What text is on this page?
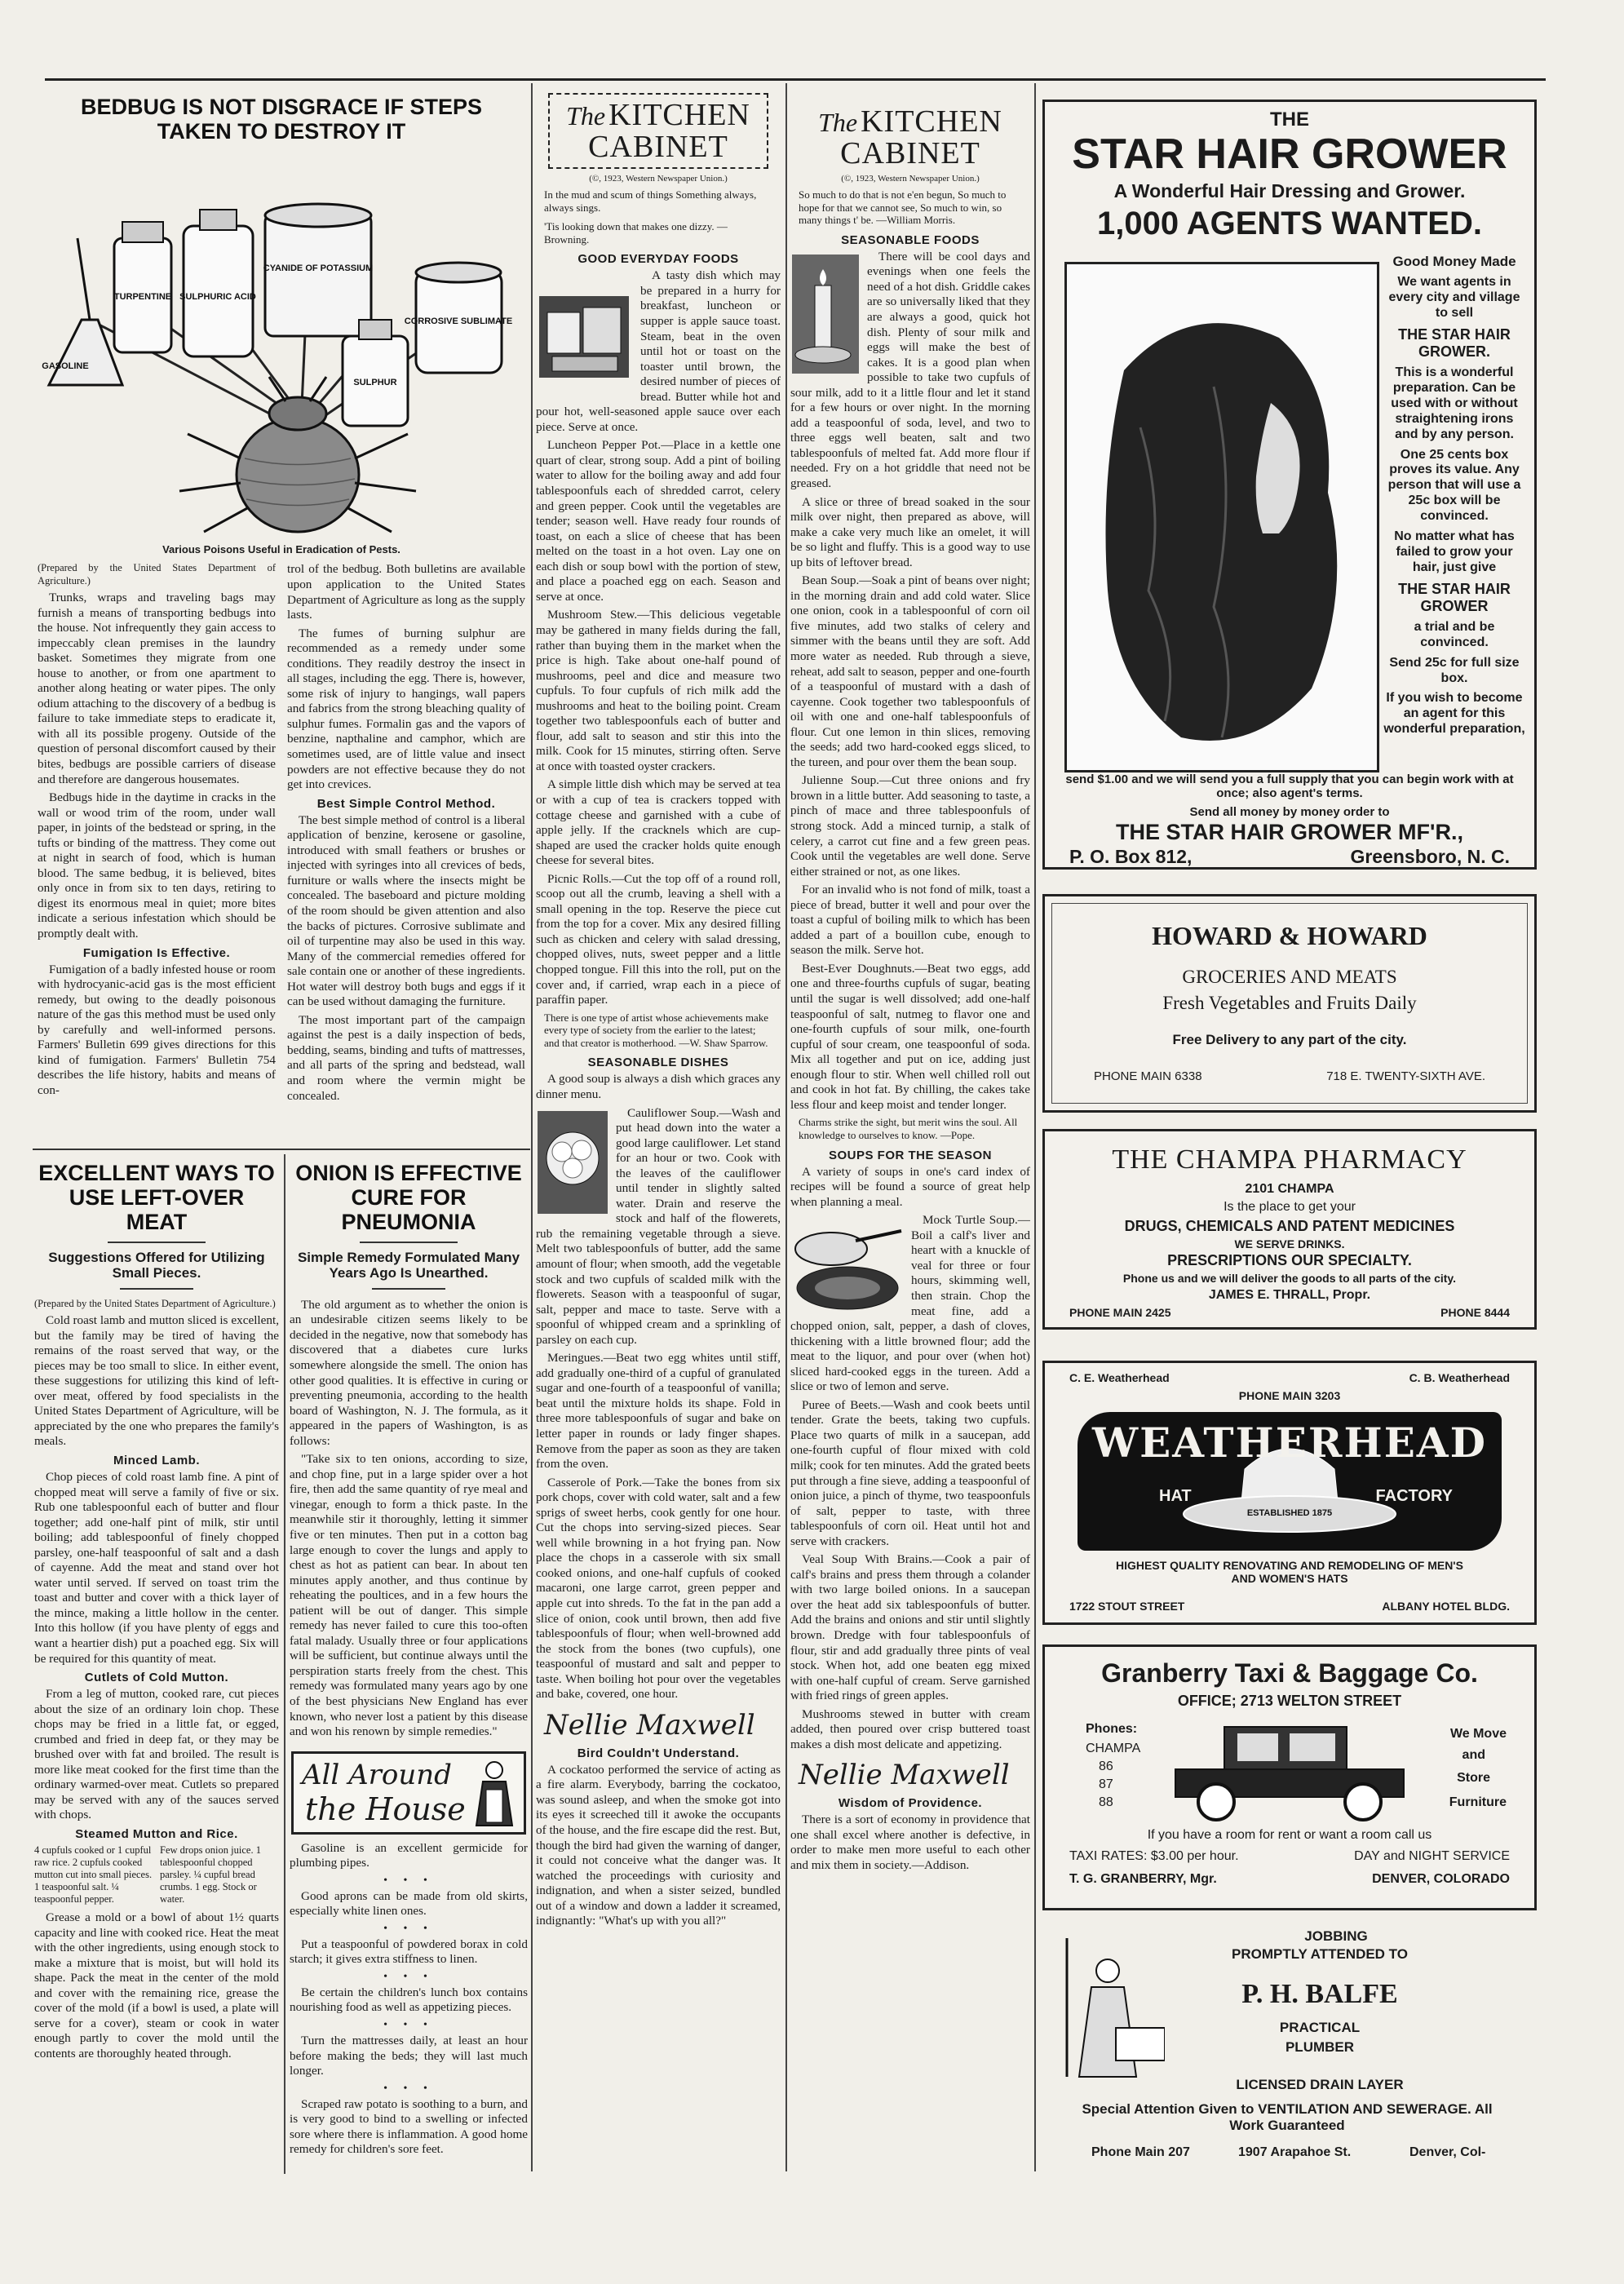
BEDBUG IS NOT DISGRACE IF STEPS TAKEN TO DESTROY IT
GASOLINE
TURPENTINE SULPHURIC ACID
CYANIDE OF POTASSIUM
CORROSIVE SUBLIMATE
SULPHUR
Various Poisons Useful in Eradication of Pests.

(Prepared by the United States Department of Agriculture.)

Trunks, wraps and traveling bags may furnish a means of transporting bedbugs into the house. Not infrequently they gain access to impeccably clean premises in the laundry basket. Sometimes they migrate from one house to another, or from one apartment to another along heating or water pipes. The only odium attaching to the discovery of a bedbug is failure to take immediate steps to eradicate it, with all its possible progeny. Outside of the question of personal discomfort caused by their bites, bedbugs are possible carriers of disease and therefore are dangerous housemates.

Bedbugs hide in the daytime in cracks in the wall or wood trim of the room, under wall paper, in joints of the bedstead or spring, in the tufts or binding of the mattress. They come out at night in search of food, which is human blood. The same bedbug, it is believed, bites only once in from six to ten days, retiring to digest its enormous meal in quiet; more bites indicate a serious infestation which should be promptly dealt with.

Fumigation Is Effective.

Fumigation of a badly infested house or room with hydrocyanic-acid gas is the most efficient remedy, but owing to the deadly poisonous nature of the gas this method must be used only by carefully and well-informed persons. Farmers' Bulletin 699 gives directions for this kind of fumigation. Farmers' Bulletin 754 describes the life history, habits and means of con-

trol of the bedbug. Both bulletins are available upon application to the United States Department of Agriculture as long as the supply lasts.

The fumes of burning sulphur are recommended as a remedy under some conditions. They readily destroy the insect in all stages, including the egg. There is, however, some risk of injury to hangings, wall papers and fabrics from the strong bleaching quality of sulphur fumes. Formalin gas and the vapors of benzine, napthaline and camphor, which are sometimes used, are of little value and insect powders are not effective because they do not get into crevices.

Best Simple Control Method.

The best simple method of control is a liberal application of benzine, kerosene or gasoline, introduced with small feathers or brushes or injected with syringes into all crevices of beds, furniture or walls where the insects might be concealed. The baseboard and picture molding of the room should be given attention and also the backs of pictures. Corrosive sublimate and oil of turpentine may also be used in this way. Many of the commercial remedies offered for sale contain one or another of these ingredients. Hot water will destroy both bugs and eggs if it can be used without damaging the furniture.

The most important part of the campaign against the pest is a daily inspection of beds, bedding, seams, binding and tufts of mattresses, and all parts of the spring and bedstead, wall and room where the vermin might be concealed.

EXCELLENT WAYS TO USE LEFT-OVER MEAT
Suggestions Offered for Utilizing Small Pieces.

(Prepared by the United States Department of Agriculture.)

Cold roast lamb and mutton sliced is excellent, but the family may be tired of having the remains of the roast served that way, or the pieces may be too small to slice. In either event, these suggestions for utilizing this kind of left-over meat, offered by food specialists in the United States Department of Agriculture, will be appreciated by the one who prepares the family's meals.

Minced Lamb.

Chop pieces of cold roast lamb fine. A pint of chopped meat will serve a family of five or six. Rub one tablespoonful each of butter and flour together; add one-half pint of milk, stir until boiling; add tablespoonful of finely chopped parsley, one-half teaspoonful of salt and a dash of cayenne. Add the meat and stand over hot water until served. If served on toast trim the toast and butter and cover with a thick layer of the mince, making a little hollow in the center. Into this hollow (if you have plenty of eggs and want a heartier dish) put a poached egg. Six will be required for this quantity of meat.

Cutlets of Cold Mutton.

From a leg of mutton, cooked rare, cut pieces about the size of an ordinary loin chop. These chops may be fried in a little fat, or egged, crumbed and fried in deep fat, or they may be brushed over with fat and broiled. The result is more like meat cooked for the first time than the ordinary warmed-over meat. Cutlets so prepared may be served with any of the sauces served with chops.

Steamed Mutton and Rice.
4 cupfuls cooked or 1 cupful raw rice. 2 cupfuls cooked mutton cut into small pieces. 1 teaspoonful salt. ¼ teaspoonful pepper.
Few drops onion juice. 1 tablespoonful chopped parsley. ¼ cupful bread crumbs. 1 egg. Stock or water.

Grease a mold or a bowl of about 1½ quarts capacity and line with cooked rice. Heat the meat with the other ingredients, using enough stock to make a mixture that is moist, but will hold its shape. Pack the meat in the center of the mold and cover with the remaining rice, grease the cover of the mold (if a bowl is used, a plate will serve for a cover), steam or cook in water enough partly to cover the mold until the contents are thoroughly heated through.

ONION IS EFFECTIVE CURE FOR PNEUMONIA
Simple Remedy Formulated Many Years Ago Is Unearthed.

The old argument as to whether the onion is an undesirable citizen seems likely to be decided in the negative, now that somebody has discovered that a diabetes cure lurks somewhere alongside the smell. The onion has other good qualities. It is effective in curing or preventing pneumonia, according to the health board of Washington, N. J. The formula, as it appeared in the papers of Washington, is as follows:

"Take six to ten onions, according to size, and chop fine, put in a large spider over a hot fire, then add the same quantity of rye meal and vinegar, enough to form a thick paste. In the meanwhile stir it thoroughly, letting it simmer five or ten minutes. Then put in a cotton bag large enough to cover the lungs and apply to chest as hot as patient can bear. In about ten minutes apply another, and thus continue by reheating the poultices, and in a few hours the patient will be out of danger. This simple remedy has never failed to cure this too-often fatal malady. Usually three or four applications will be sufficient, but continue always until the perspiration starts freely from the chest. This remedy was formulated many years ago by one of the best physicians New England has ever known, who never lost a patient by this disease and won his renown by simple remedies."

All Around
the House

Gasoline is an excellent germicide for plumbing pipes.

• • •

Good aprons can be made from old skirts, especially white linen ones.

• • •

Put a teaspoonful of powdered borax in cold starch; it gives extra stiffness to linen.

• • •

Be certain the children's lunch box contains nourishing food as well as appetizing pieces.

• • •

Turn the mattresses daily, at least an hour before making the beds; they will last much longer.

• • •

Scraped raw potato is soothing to a burn, and is very good to bind to a swelling or infected sore where there is inflammation. A good home remedy for children's sore feet.

The KITCHEN
CABINET
(©, 1923, Western Newspaper Union.)
In the mud and scum of things Something always, always sings.
'Tis looking down that makes one dizzy. —Browning.
GOOD EVERYDAY FOODS

A tasty dish which may be prepared in a hurry for breakfast, luncheon or supper is apple sauce toast. Steam, beat in the oven until hot or toast on the toaster until brown, the desired number of pieces of bread. Butter while hot and pour hot, well-seasoned apple sauce over each piece. Serve at once.

Luncheon Pepper Pot.—Place in a kettle one quart of clear, strong soup. Add a pint of boiling water to allow for the boiling away and add four tablespoonfuls each of shredded carrot, celery and green pepper. Cook until the vegetables are tender; season well. Have ready four rounds of toast, on each a slice of cheese that has been melted on the toast in a hot oven. Lay one on each dish or soup bowl with the portion of stew, and place a poached egg on each. Season and serve at once.

Mushroom Stew.—This delicious vegetable may be gathered in many fields during the fall, rather than buying them in the market when the price is high. Take about one-half pound of mushrooms, peel and dice and measure two cupfuls. To four cupfuls of rich milk add the mushrooms and heat to the boiling point. Cream together two tablespoonfuls each of butter and flour, add salt to season and stir this into the milk. Cook for 15 minutes, stirring often. Serve at once with toasted oyster crackers.

A simple little dish which may be served at tea or with a cup of tea is crackers topped with cottage cheese and garnished with a cube of apple jelly. If the cracknels which are cup-shaped are used the cracker holds quite enough cheese for several bites.

Picnic Rolls.—Cut the top off of a round roll, scoop out all the crumb, leaving a shell with a small opening in the top. Reserve the piece cut from the top for a cover. Mix any desired filling such as chicken and celery with salad dressing, chopped olives, nuts, sweet pepper and a little chopped tongue. Fill this into the roll, put on the cover and, if carried, wrap each in a piece of paraffin paper.

There is one type of artist whose achievements make every type of society from the earlier to the latest; and that creator is motherhood. —W. Shaw Sparrow.
SEASONABLE DISHES

A good soup is always a dish which graces any dinner menu.

Cauliflower Soup.—Wash and put head down into the water a good large cauliflower. Let stand for an hour or two. Cook with the leaves of the cauliflower until tender in slightly salted water. Drain and reserve the stock and half of the flowerets, rub the remaining vegetable through a sieve. Melt two tablespoonfuls of butter, add the same amount of flour; when smooth, add the vegetable stock and two cupfuls of scalded milk with the flowerets. Season with a teaspoonful of sugar, salt, pepper and mace to taste. Serve with a spoonful of whipped cream and a sprinkling of parsley on each cup.

Meringues.—Beat two egg whites until stiff, add gradually one-third of a cupful of granulated sugar and one-fourth of a teaspoonful of vanilla; beat until the mixture holds its shape. Fold in three more tablespoonfuls of sugar and bake on letter paper in rounds or lady finger shapes. Remove from the paper as soon as they are taken from the oven.

Casserole of Pork.—Take the bones from six pork chops, cover with cold water, salt and a few sprigs of sweet herbs, cook gently for one hour. Cut the chops into serving-sized pieces. Sear well while browning in a hot frying pan. Now place the chops in a casserole with six small cooked onions, and one-half cupfuls of cooked macaroni, one large carrot, green pepper and apple cut into shreds. To the fat in the pan add a slice of onion, cook until brown, then add five tablespoonfuls of flour; when well-browned add the stock from the bones (two cupfuls), one teaspoonful of mustard and salt and pepper to taste. When boiling hot pour over the vegetables and bake, covered, one hour.

Nellie Maxwell
Bird Couldn't Understand.

A cockatoo performed the service of acting as a fire alarm. Everybody, barring the cockatoo, was sound asleep, and when the smoke got into its eyes it screeched till it awoke the occupants of the house, and the fire escape did the rest. But, though the bird had given the warning of danger, it could not conceive what the danger was. It watched the proceedings with curiosity and indignation, and when a sister seized, bundled out of a window and down a ladder it screamed, indignantly: "What's up with you all?"

The KITCHEN
CABINET
(©, 1923, Western Newspaper Union.)
So much to do that is not e'en begun, So much to hope for that we cannot see, So much to win, so many things t' be. —William Morris.
SEASONABLE FOODS

There will be cool days and evenings when one feels the need of a hot dish. Griddle cakes are so universally liked that they are always a good, quick hot dish. Plenty of sour milk and eggs will make the best of cakes. It is a good plan when possible to take two cupfuls of sour milk, add to it a little flour and let it stand for a few hours or over night. In the morning add a teaspoonful of soda, level, and two to three eggs well beaten, salt and two tablespoonfuls of melted fat. Add more flour if needed. Fry on a hot griddle that need not be greased.

A slice or three of bread soaked in the sour milk over night, then prepared as above, will make a cake very much like an omelet, it will be so light and fluffy. This is a good way to use up bits of leftover bread.

Bean Soup.—Soak a pint of beans over night; in the morning drain and add cold water. Slice one onion, cook in a tablespoonful of corn oil five minutes, add two stalks of celery and simmer with the beans until they are soft. Add more water as needed. Rub through a sieve, reheat, add salt to season, pepper and one-fourth of a teaspoonful of mustard with a dash of cayenne. Cook together two tablespoonfuls of oil with one and one-half tablespoonfuls of flour. Cut one lemon in thin slices, removing the seeds; add two hard-cooked eggs sliced, to the tureen, and pour over them the bean soup.

Julienne Soup.—Cut three onions and fry brown in a little butter. Add seasoning to taste, a pinch of mace and three tablespoonfuls of strong stock. Add a minced turnip, a stalk of celery, a carrot cut fine and a few green peas. Cook until the vegetables are well done. Serve either strained or not, as one likes.

For an invalid who is not fond of milk, toast a piece of bread, butter it well and pour over the toast a cupful of boiling milk to which has been added a part of a bouillon cube, enough to season the milk. Serve hot.

Best-Ever Doughnuts.—Beat two eggs, add one and three-fourths cupfuls of sugar, beating until the sugar is well dissolved; add one-half teaspoonful of salt, nutmeg to flavor one and one-fourth cupfuls of sour milk, one-fourth cupful of sour cream, one teaspoonful of soda. Mix all together and put on ice, adding just enough flour to stir. When well chilled roll out and cook in hot fat. By chilling, the cakes take less flour and keep moist and tender longer.

Charms strike the sight, but merit wins the soul. All knowledge to ourselves to know. —Pope.
SOUPS FOR THE SEASON

A variety of soups in one's card index of recipes will be found a source of great help when planning a meal.

Mock Turtle Soup.—Boil a calf's liver and heart with a knuckle of veal for three or four hours, skimming well, then strain. Chop the meat fine, add a chopped onion, salt, pepper, a dash of cloves, thickening with a little browned flour; add the meat to the liquor, and pour over (when hot) sliced hard-cooked eggs in the tureen. Add a slice or two of lemon and serve.

Puree of Beets.—Wash and cook beets until tender. Grate the beets, taking two cupfuls. Place two quarts of milk in a saucepan, add one-fourth cupful of flour mixed with cold milk; cook for ten minutes. Add the grated beets put through a fine sieve, adding a teaspoonful of onion juice, a pinch of thyme, two teaspoonfuls of salt, pepper to taste, with three tablespoonfuls of corn oil. Heat until hot and serve with crackers.

Veal Soup With Brains.—Cook a pair of calf's brains and press them through a colander with two large boiled onions. In a saucepan over the heat add six tablespoonfuls of butter. Add the brains and onions and stir until slightly brown. Dredge with four tablespoonfuls of flour, stir and add gradually three pints of veal stock. When hot, add one beaten egg mixed with one-half cupful of cream. Serve garnished with fried rings of green apples.

Mushrooms stewed in butter with cream added, then poured over crisp buttered toast makes a dish most delicate and appetizing.

Nellie Maxwell
Wisdom of Providence.

There is a sort of economy in providence that one shall excel where another is defective, in order to make men more useful to each other and mix them in society.—Addison.

THE
STAR HAIR GROWER
A Wonderful Hair Dressing and Grower.
1,000 AGENTS WANTED.
Good Money Made
We want agents in every city and village to sell
THE STAR HAIR GROWER.
This is a wonderful preparation. Can be used with or without straightening irons and by any person.
One 25 cents box proves its value. Any person that will use a 25c box will be convinced.
No matter what has failed to grow your hair, just give
THE STAR HAIR GROWER
a trial and be convinced.
Send 25c for full size box.
If you wish to become an agent for this wonderful preparation,
send $1.00 and we will send you a full supply that you can begin work with at once; also agent's terms.
Send all money by money order to
THE STAR HAIR GROWER MF'R.,
P. O. Box 812,	Greensboro, N. C.
HOWARD & HOWARD
GROCERIES AND MEATS
Fresh Vegetables and Fruits Daily
Free Delivery to any part of the city.
PHONE MAIN 6338	718 E. TWENTY-SIXTH AVE.
THE CHAMPA PHARMACY
2101 CHAMPA
Is the place to get your
DRUGS, CHEMICALS AND PATENT MEDICINES
WE SERVE DRINKS.
PRESCRIPTIONS OUR SPECIALTY.
Phone us and we will deliver the goods to all parts of the city.
JAMES E. THRALL, Propr.
PHONE MAIN 2425	PHONE 8444
C. E. Weatherhead	C. B. Weatherhead
PHONE MAIN 3203
WEATHERHEAD
HAT	FACTORY
ESTABLISHED 1875
HIGHEST QUALITY RENOVATING AND REMODELING OF MEN'S AND WOMEN'S HATS
1722 STOUT STREET	ALBANY HOTEL BLDG.
Granberry Taxi & Baggage Co.
OFFICE; 2713 WELTON STREET
Phones:
CHAMPA
86
87
88
We Move
and
Store
Furniture
If you have a room for rent or want a room call us
TAXI RATES: $3.00 per hour.	DAY and NIGHT SERVICE
T. G. GRANBERRY, Mgr.	DENVER, COLORADO
JOBBING
PROMPTLY ATTENDED TO
P. H. BALFE
PRACTICAL
PLUMBER
LICENSED DRAIN LAYER
Special Attention Given to VENTILATION AND SEWERAGE. All Work Guaranteed
Phone Main 207	1907 Arapahoe St.	Denver, Col-
